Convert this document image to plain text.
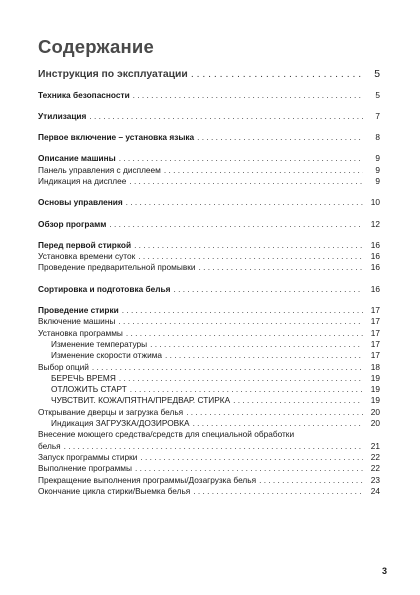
Содержание
Инструкция по эксплуатации . . .	5
Техника безопасности . . .	5
Утилизация . . .	7
Первое включение – установка языка . . .	8
Описание машины . . .	9
Панель управления с дисплеем . . .	9
Индикация на дисплее . . .	9
Основы управления . . .	10
Обзор программ . . .	12
Перед первой стиркой . . .	16
Установка времени суток . . .	16
Проведение предварительной промывки . . .	16
Сортировка и подготовка белья . . .	16
Проведение стирки . . .	17
Включение машины . . .	17
Установка программы . . .	17
Изменение температуры . . .	17
Изменение скорости отжима . . .	17
Выбор опций . . .	18
БЕРЕЧЬ ВРЕМЯ . . .	19
ОТЛОЖИТЬ СТАРТ . . .	19
ЧУВСТВИТ. КОЖА/ПЯТНА/ПРЕДВАР. СТИРКА . . .	19
Открывание дверцы и загрузка белья . . .	20
Индикация ЗАГРУЗКА/ДОЗИРОВКА . . .	20
Внесение моющего средства/средств для специальной обработки
белья . . .	21
Запуск программы стирки . . .	22
Выполнение программы . . .	22
Прекращение выполнения программы/Дозагрузка белья . . .	23
Окончание цикла стирки/Выемка белья . . .	24
3
